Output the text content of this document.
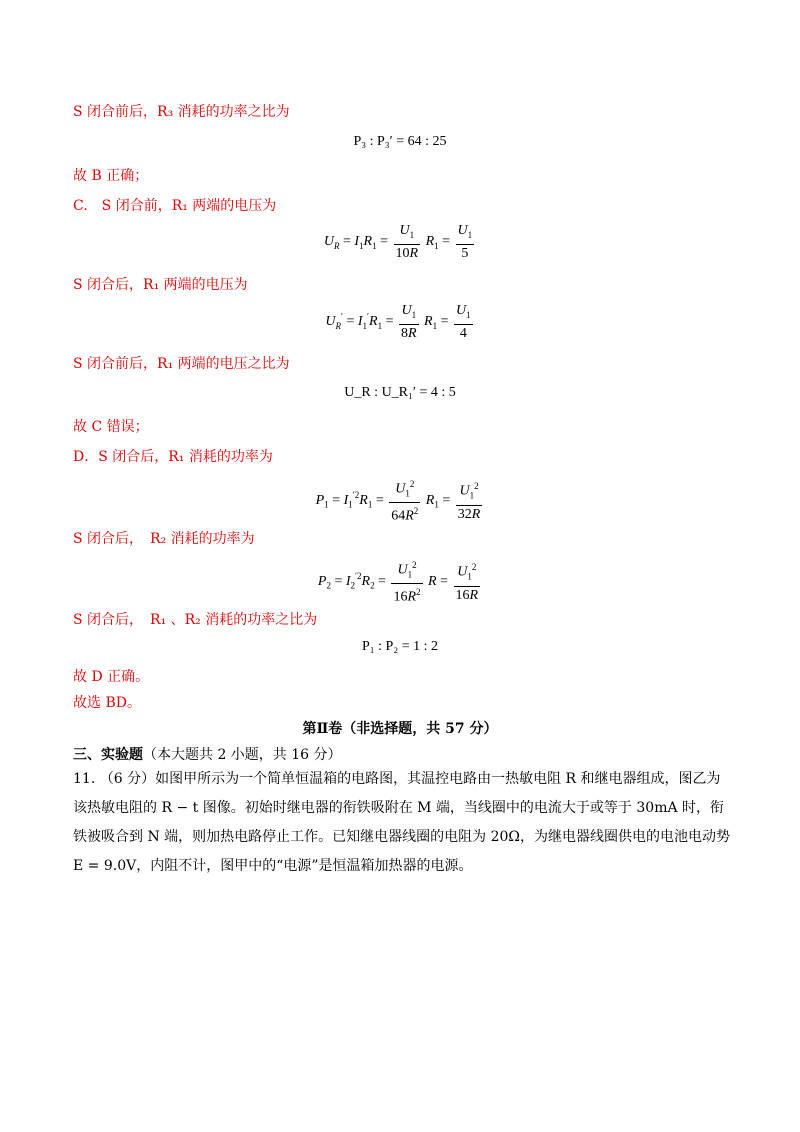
S 闭合前后，R₃ 消耗的功率之比为
P₃ : P₃′ = 64 : 25
故 B 正确；
C.　S 闭合前，R₁ 两端的电压为
$U_R = I_1R_1 = \frac{U_1}{10R} R_1 = \frac{U_1}{5}$
S 闭合后，R₁ 两端的电压为
$U_R' = I_1'R_1 = \frac{U_1}{8R} R_1 = \frac{U_1}{4}$
S 闭合前后，R₁ 两端的电压之比为
U_R : U_R₁′ = 4 : 5
故 C 错误；
D．S 闭合后，R₁ 消耗的功率为
$P_1 = I_1^{'2}R_1 = \frac{U_1^2}{64R^2} R_1 = \frac{U_1^2}{32R}$
S 闭合后，　R₂ 消耗的功率为
$P_2 = I_2^{'2}R_2 = \frac{U_1^2}{16R^2}$ $R = \frac{U_1^2}{16R}$
S 闭合后，　R₁ 、R₂ 消耗的功率之比为
P₁ : P₂ = 1 : 2
故 D 正确。
故选 BD。
第Ⅱ卷（非选择题，共 57 分）
三、实验题（本大题共 2 小题，共 16 分）
11. （6 分）如图甲所示为一个简单恒温箱的电路图，其温控电路由一热敏电阻 R 和继电器组成，图乙为该热敏电阻的 R − t 图像。初始时继电器的衔铁吸附在 M 端，当线圈中的电流大于或等于 30mA 时，衔铁被吸合到 N 端，则加热电路停止工作。已知继电器线圈的电阻为 20Ω，为继电器线圈供电的电池电动势 E = 9.0V，内阻不计，图甲中的“电源”是恒温箱加热器的电源。
